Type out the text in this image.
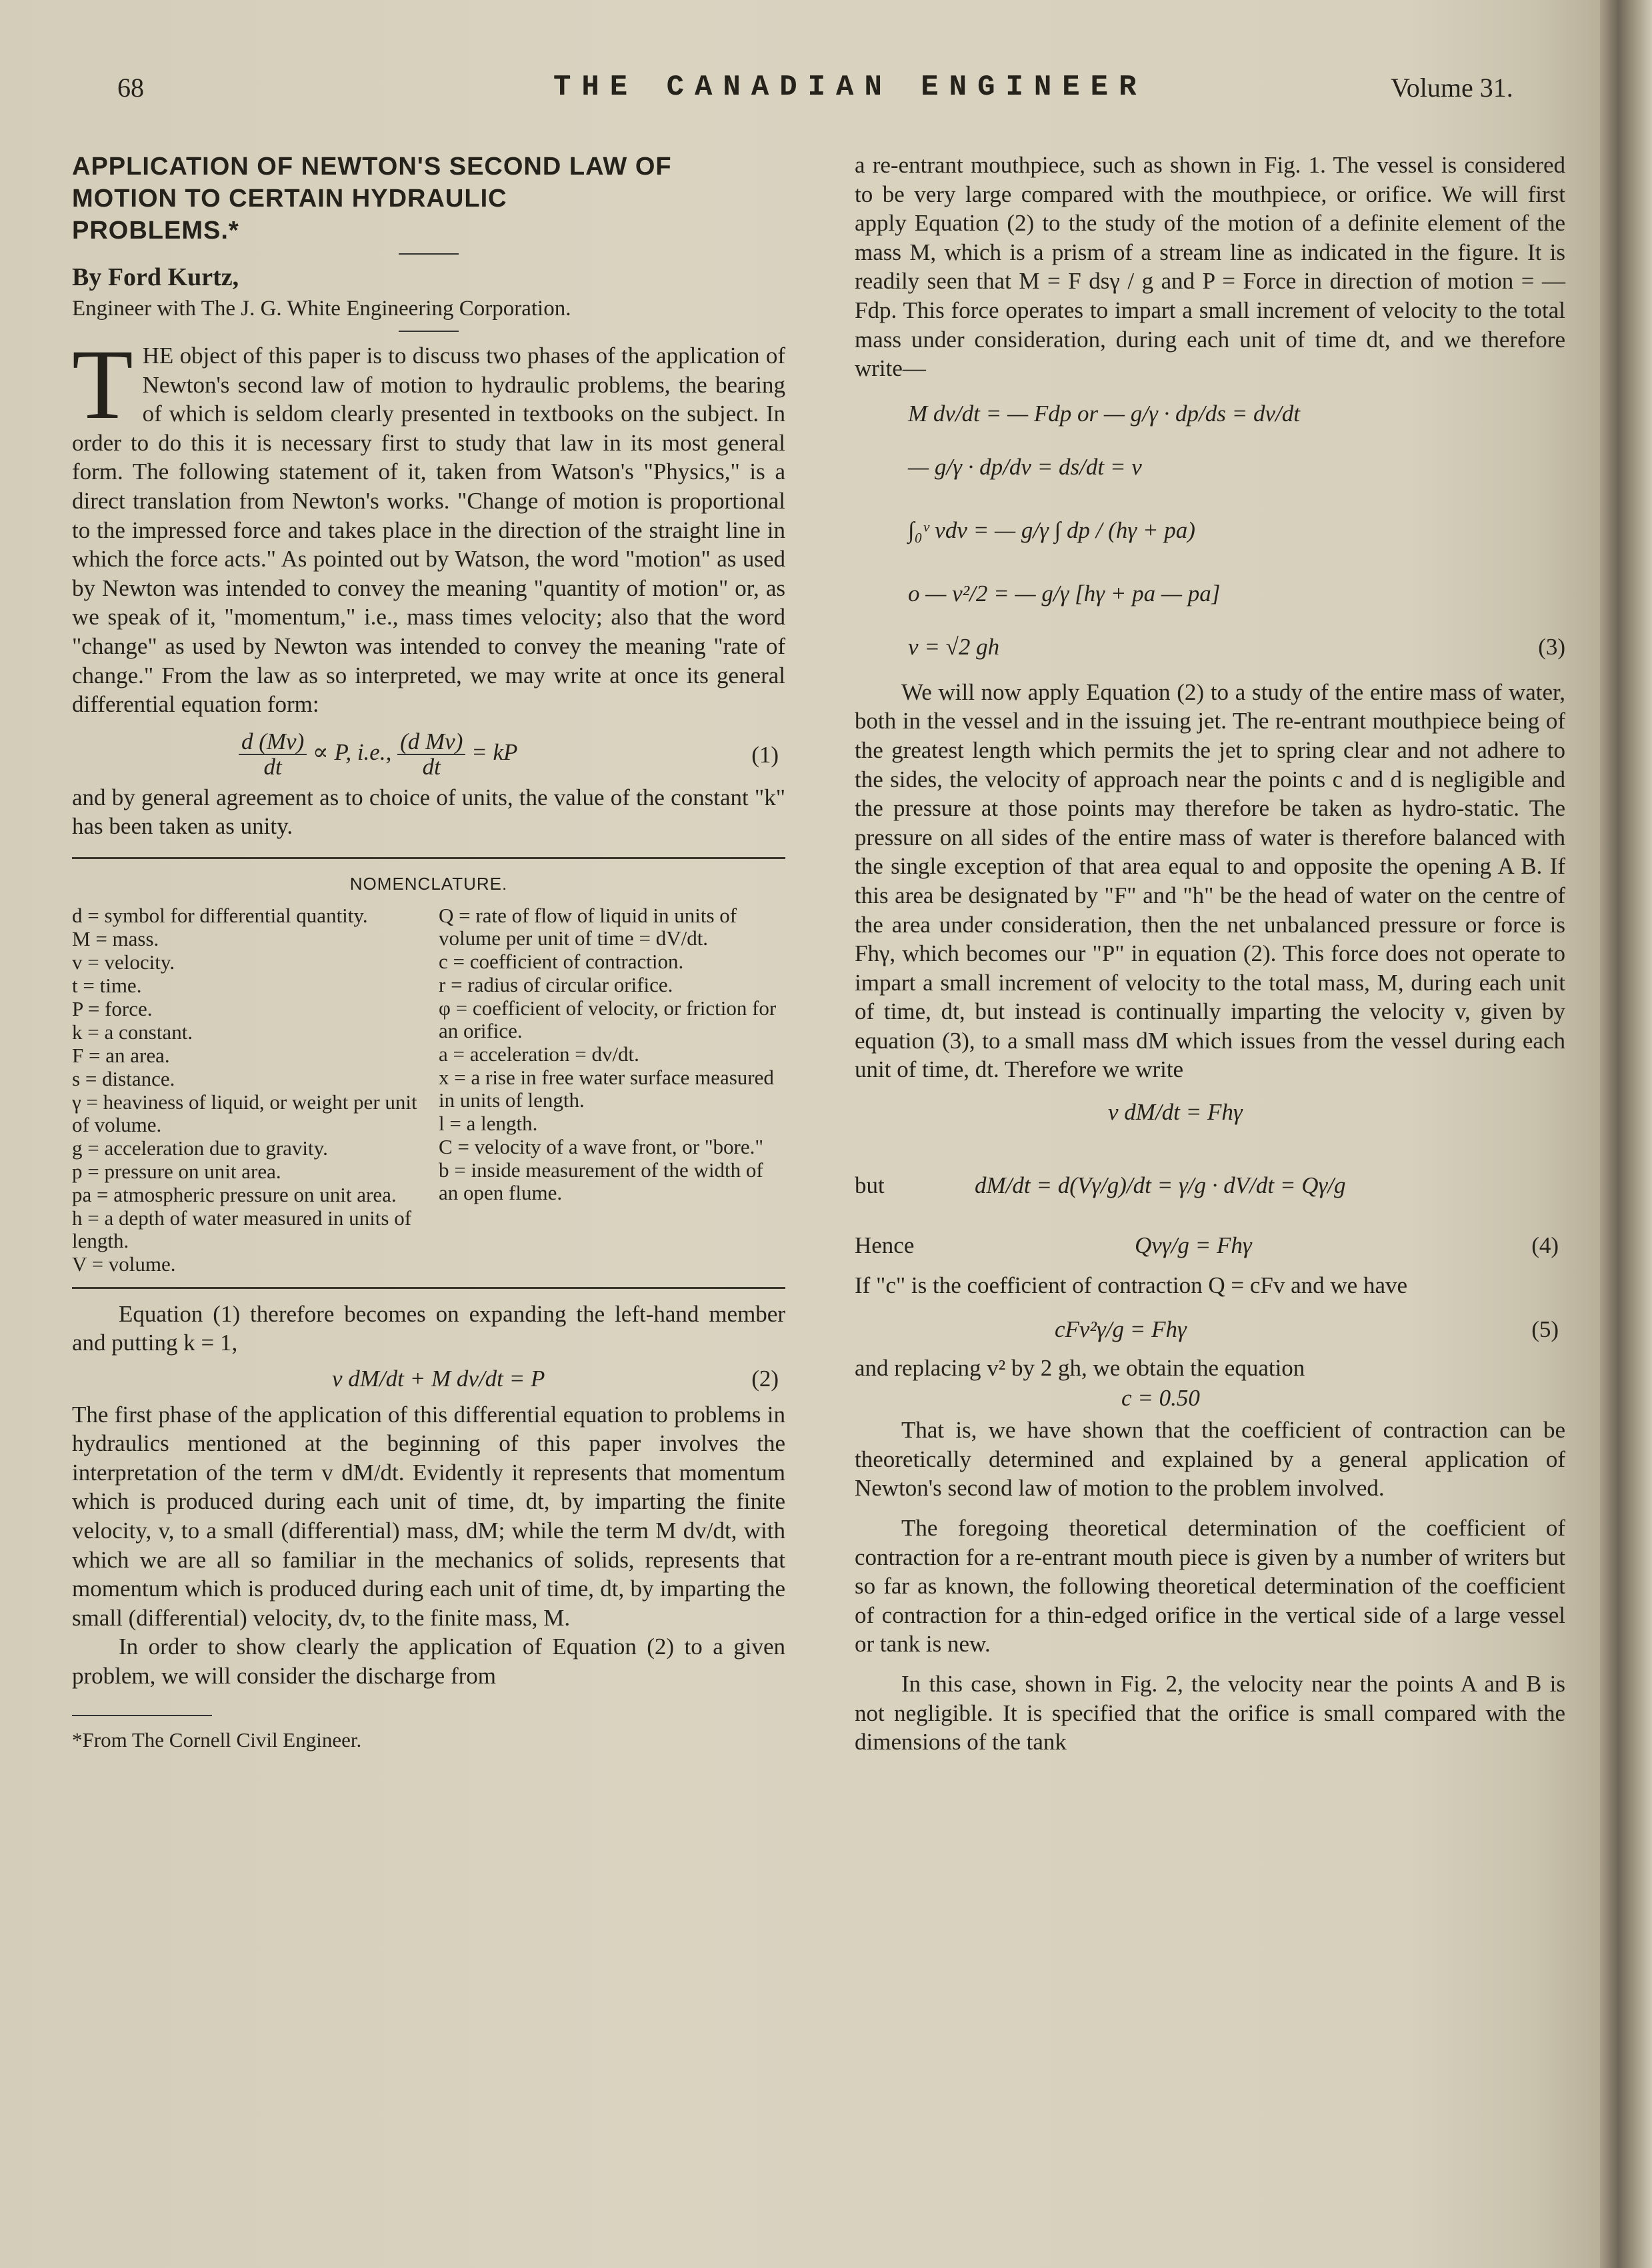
68	THE CANADIAN ENGINEER	Volume 31.

APPLICATION OF NEWTON'S SECOND LAW OF

MOTION TO CERTAIN HYDRAULIC

PROBLEMS.*

By Ford Kurtz,

Engineer with The J. G. White Engineering Corporation.

THE object of this paper is to discuss two phases of the application of Newton's second law of motion to hydraulic problems, the bearing of which is seldom clearly presented in textbooks on the subject. In order to do this it is necessary first to study that law in its most general form. The following statement of it, taken from Watson's "Physics," is a direct translation from Newton's works. "Change of motion is proportional to the impressed force and takes place in the direction of the straight line in which the force acts." As pointed out by Watson, the word "motion" as used by Newton was intended to convey the meaning "quantity of motion" or, as we speak of it, "momentum," i.e., mass times velocity; also that the word "change" as used by Newton was intended to convey the meaning "rate of change." From the law as so interpreted, we may write at once its general differential equation form:

$\frac{d (Mv)}{dt} \propto P$, i.e., $\frac{\text{(d Mv)}}{dt}$ = kP	(1)

and by general agreement as to choice of units, the value of the constant "k" has been taken as unity.

NOMENCLATURE.
d = symbol for differential quantity.
M = mass.
v = velocity.
t = time.
P = force.
k = a constant.
F = an area.
s = distance.
γ = heaviness of liquid, or weight per unit of volume.
g = acceleration due to gravity.
p = pressure on unit area.
pa = atmospheric pressure on unit area.
h = a depth of water measured in units of length.
V = volume.
Q = rate of flow of liquid in units of volume per unit of time = dV/dt.
c = coefficient of contraction.
r = radius of circular orifice.
φ = coefficient of velocity, or friction for an orifice.
a = acceleration = dv/dt.
x = a rise in free water surface measured in units of length.
l = a length.
C = velocity of a wave front, or "bore."
b = inside measurement of the width of an open flume.

Equation (1) therefore becomes on expanding the left-hand member and putting k = 1,

v dM/dt + M dv/dt = P	(2)

The first phase of the application of this differential equation to problems in hydraulics mentioned at the beginning of this paper involves the interpretation of the term v dM/dt. Evidently it represents that momentum which is produced during each unit of time, dt, by imparting the finite velocity, v, to a small (differential) mass, dM; while the term M dv/dt, with which we are all so familiar in the mechanics of solids, represents that momentum which is produced during each unit of time, dt, by imparting the small (differential) velocity, dv, to the finite mass, M.

In order to show clearly the application of Equation (2) to a given problem, we will consider the discharge from

*From The Cornell Civil Engineer.

a re-entrant mouthpiece, such as shown in Fig. 1. The vessel is considered to be very large compared with the mouthpiece, or orifice. We will first apply Equation (2) to the study of the motion of a definite element of the mass M, which is a prism of a stream line as indicated in the figure. It is readily seen that M = F dsγ / g and P = Force in direction of motion = — Fdp. This force operates to impart a small increment of velocity to the total mass under consideration, during each unit of time dt, and we therefore write—

M dv/dt = — Fdp or — g/γ · dp/ds = dv/dt
— g/γ · dp/dv = ds/dt = v
∫₀ᵛ vdv = — g/γ ∫ dp / (hγ + pa)
o — v²/2 = — g/γ [hγ + pa — pa]
v = √2 gh	(3)

We will now apply Equation (2) to a study of the entire mass of water, both in the vessel and in the issuing jet. The re-entrant mouthpiece being of the greatest length which permits the jet to spring clear and not adhere to the sides, the velocity of approach near the points c and d is negligible and the pressure at those points may therefore be taken as hydro-static. The pressure on all sides of the entire mass of water is therefore balanced with the single exception of that area equal to and opposite the opening A B. If this area be designated by "F" and "h" be the head of water on the centre of the area under consideration, then the net unbalanced pressure or force is Fhγ, which becomes our "P" in equation (2). This force does not operate to impart a small increment of velocity to the total mass, M, during each unit of time, dt, but instead is continually imparting the velocity v, given by equation (3), to a small mass dM which issues from the vessel during each unit of time, dt. Therefore we write

v dM/dt = Fhγ
but	dM/dt = d(Vγ/g)/dt = γ/g · dV/dt = Qγ/g
Hence	Qvγ/g = Fhγ	(4)

If "c" is the coefficient of contraction Q = cFv and we have

cFv²γ/g = Fhγ	(5)

and replacing v² by 2 gh, we obtain the equation

c = 0.50

That is, we have shown that the coefficient of contraction can be theoretically determined and explained by a general application of Newton's second law of motion to the problem involved.

The foregoing theoretical determination of the coefficient of contraction for a re-entrant mouth piece is given by a number of writers but so far as known, the following theoretical determination of the coefficient of contraction for a thin-edged orifice in the vertical side of a large vessel or tank is new.

In this case, shown in Fig. 2, the velocity near the points A and B is not negligible. It is specified that the orifice is small compared with the dimensions of the tank
